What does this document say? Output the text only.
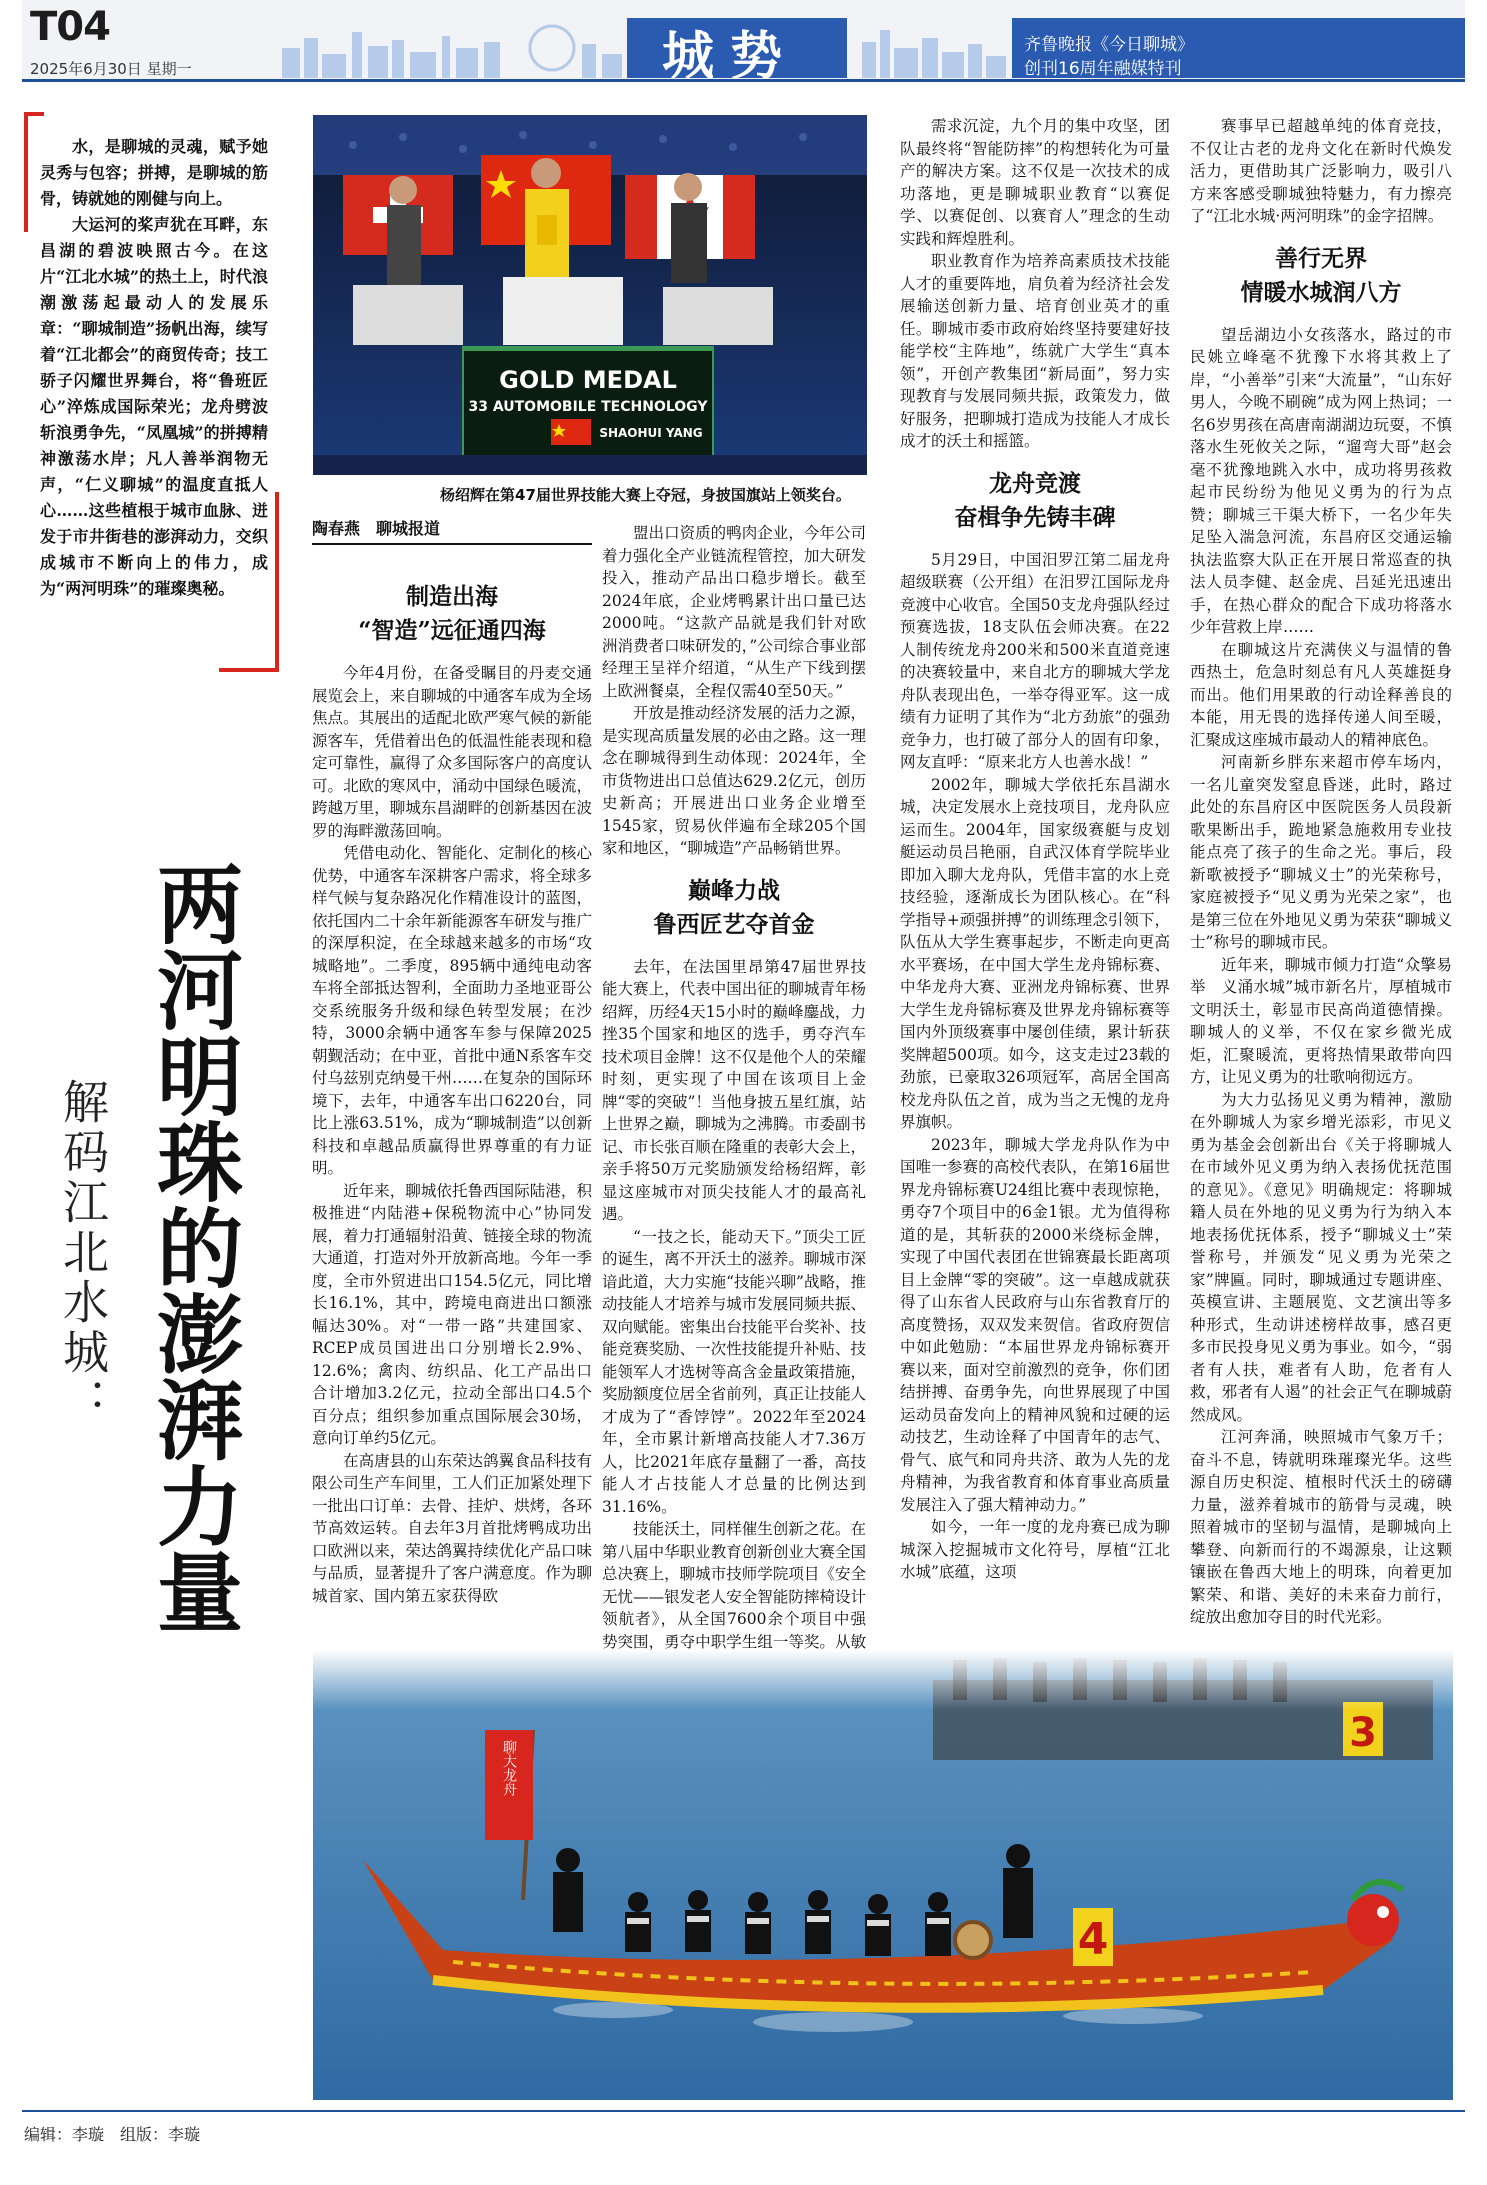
T04
2025年6月30日 星期一	城势	齐鲁晚报《今日聊城》
创刊16周年融媒特刊

水，是聊城的灵魂，赋予她灵秀与包容；拼搏，是聊城的筋骨，铸就她的刚健与向上。

大运河的桨声犹在耳畔，东昌湖的碧波映照古今。在这片“江北水城”的热土上，时代浪潮激荡起最动人的发展乐章：“聊城制造”扬帆出海，续写着“江北都会”的商贸传奇；技工骄子闪耀世界舞台，将“鲁班匠心”淬炼成国际荣光；龙舟劈波斩浪勇争先，“凤凰城”的拼搏精神激荡水岸；凡人善举润物无声，“仁义聊城”的温度直抵人心……这些植根于城市血脉、迸发于市井街巷的澎湃动力，交织成城市不断向上的伟力，成为“两河明珠”的璀璨奥秘。

两河明珠的澎湃力量
解码江北水城：
GOLD MEDAL
33 AUTOMOBILE TECHNOLOGY
SHAOHUI YANG
杨绍辉在第47届世界技能大赛上夺冠，身披国旗站上领奖台。
陶春燕　聊城报道
制造出海
“智造”远征通四海

今年4月份，在备受瞩目的丹麦交通展览会上，来自聊城的中通客车成为全场焦点。其展出的适配北欧严寒气候的新能源客车，凭借着出色的低温性能表现和稳定可靠性，赢得了众多国际客户的高度认可。北欧的寒风中，涌动中国绿色暖流，跨越万里，聊城东昌湖畔的创新基因在波罗的海畔激荡回响。

凭借电动化、智能化、定制化的核心优势，中通客车深耕客户需求，将全球多样气候与复杂路况化作精准设计的蓝图，依托国内二十余年新能源客车研发与推广的深厚积淀，在全球越来越多的市场“攻城略地”。二季度，895辆中通纯电动客车将全部抵达智利，全面助力圣地亚哥公交系统服务升级和绿色转型发展；在沙特，3000余辆中通客车参与保障2025朝觐活动；在中亚，首批中通N系客车交付乌兹别克纳曼干州……在复杂的国际环境下，去年，中通客车出口6220台，同比上涨63.51%，成为“聊城制造”以创新科技和卓越品质赢得世界尊重的有力证明。

近年来，聊城依托鲁西国际陆港，积极推进“内陆港+保税物流中心”协同发展，着力打通辐射沿黄、链接全球的物流大通道，打造对外开放新高地。今年一季度，全市外贸进出口154.5亿元，同比增长16.1%，其中，跨境电商进出口额涨幅达30%。对“一带一路”共建国家、RCEP成员国进出口分别增长2.9%、12.6%；禽肉、纺织品、化工产品出口合计增加3.2亿元，拉动全部出口4.5个百分点；组织参加重点国际展会30场，意向订单约5亿元。

在高唐县的山东荣达鸽翼食品科技有限公司生产车间里，工人们正加紧处理下一批出口订单：去骨、挂炉、烘烤，各环节高效运转。自去年3月首批烤鸭成功出口欧洲以来，荣达鸽翼持续优化产品口味与品质，显著提升了客户满意度。作为聊城首家、国内第五家获得欧

盟出口资质的鸭肉企业，今年公司着力强化全产业链流程管控，加大研发投入，推动产品出口稳步增长。截至2024年底，企业烤鸭累计出口量已达2000吨。“这款产品就是我们针对欧洲消费者口味研发的，”公司综合事业部经理王呈祥介绍道，“从生产下线到摆上欧洲餐桌，全程仅需40至50天。”

开放是推动经济发展的活力之源，是实现高质量发展的必由之路。这一理念在聊城得到生动体现：2024年，全市货物进出口总值达629.2亿元，创历史新高；开展进出口业务企业增至1545家，贸易伙伴遍布全球205个国家和地区，“聊城造”产品畅销世界。

巅峰力战
鲁西匠艺夺首金

去年，在法国里昂第47届世界技能大赛上，代表中国出征的聊城青年杨绍辉，历经4天15小时的巅峰鏖战，力挫35个国家和地区的选手，勇夺汽车技术项目金牌！这不仅是他个人的荣耀时刻，更实现了中国在该项目上金牌“零的突破”！当他身披五星红旗，站上世界之巅，聊城为之沸腾。市委副书记、市长张百顺在隆重的表彰大会上，亲手将50万元奖励颁发给杨绍辉，彰显这座城市对顶尖技能人才的最高礼遇。

“一技之长，能动天下。”顶尖工匠的诞生，离不开沃土的滋养。聊城市深谙此道，大力实施“技能兴聊”战略，推动技能人才培养与城市发展同频共振、双向赋能。密集出台技能平台奖补、技能竞赛奖励、一次性技能提升补贴、技能领军人才选树等高含金量政策措施，奖励额度位居全省前列，真正让技能人才成为了“香饽饽”。2022年至2024年，全市累计新增高技能人才7.36万人，比2021年底存量翻了一番，高技能人才占技能人才总量的比例达到31.16%。

技能沃土，同样催生创新之花。在第八届中华职业教育创新创业大赛全国总决赛上，聊城市技师学院项目《安全无忧——银发老人安全智能防摔椅设计领航者》，从全国7600余个项目中强势突围，勇夺中职学生组一等奖。从敏

需求沉淀，九个月的集中攻坚，团队最终将“智能防摔”的构想转化为可量产的解决方案。这不仅是一次技术的成功落地，更是聊城职业教育“以赛促学、以赛促创、以赛育人”理念的生动实践和辉煌胜利。

职业教育作为培养高素质技术技能人才的重要阵地，肩负着为经济社会发展输送创新力量、培育创业英才的重任。聊城市委市政府始终坚持要建好技能学校“主阵地”，练就广大学生“真本领”，开创产教集团“新局面”，努力实现教育与发展同频共振，政策发力，做好服务，把聊城打造成为技能人才成长成才的沃土和摇篮。

龙舟竞渡
奋楫争先铸丰碑

5月29日，中国汨罗江第二届龙舟超级联赛（公开组）在汨罗江国际龙舟竞渡中心收官。全国50支龙舟强队经过预赛选拔，18支队伍会师决赛。在22人制传统龙舟200米和500米直道竞速的决赛较量中，来自北方的聊城大学龙舟队表现出色，一举夺得亚军。这一成绩有力证明了其作为“北方劲旅”的强劲竞争力，也打破了部分人的固有印象，网友直呼：“原来北方人也善水战！”

2002年，聊城大学依托东昌湖水城，决定发展水上竞技项目，龙舟队应运而生。2004年，国家级赛艇与皮划艇运动员吕艳丽，自武汉体育学院毕业即加入聊大龙舟队，凭借丰富的水上竞技经验，逐渐成长为团队核心。在“科学指导+顽强拼搏”的训练理念引领下，队伍从大学生赛事起步，不断走向更高水平赛场，在中国大学生龙舟锦标赛、中华龙舟大赛、亚洲龙舟锦标赛、世界大学生龙舟锦标赛及世界龙舟锦标赛等国内外顶级赛事中屡创佳绩，累计斩获奖牌超500项。如今，这支走过23载的劲旅，已豪取326项冠军，高居全国高校龙舟队伍之首，成为当之无愧的龙舟界旗帜。

2023年，聊城大学龙舟队作为中国唯一参赛的高校代表队，在第16届世界龙舟锦标赛U24组比赛中表现惊艳，勇夺7个项目中的6金1银。尤为值得称道的是，其斩获的2000米绕标金牌，实现了中国代表团在世锦赛最长距离项目上金牌“零的突破”。这一卓越成就获得了山东省人民政府与山东省教育厅的高度赞扬，双双发来贺信。省政府贺信中如此勉励：“本届世界龙舟锦标赛开赛以来，面对空前激烈的竞争，你们团结拼搏、奋勇争先，向世界展现了中国运动员奋发向上的精神风貌和过硬的运动技艺，生动诠释了中国青年的志气、骨气、底气和同舟共济、敢为人先的龙舟精神，为我省教育和体育事业高质量发展注入了强大精神动力。”

如今，一年一度的龙舟赛已成为聊城深入挖掘城市文化符号，厚植“江北水城”底蕴，这项

赛事早已超越单纯的体育竞技，不仅让古老的龙舟文化在新时代焕发活力，更借助其广泛影响力，吸引八方来客感受聊城独特魅力，有力擦亮了“江北水城·两河明珠”的金字招牌。

善行无界
情暖水城润八方

望岳湖边小女孩落水，路过的市民姚立峰毫不犹豫下水将其救上了岸，“小善举”引来“大流量”，“山东好男人，今晚不刷碗”成为网上热词；一名6岁男孩在高唐南湖湖边玩耍，不慎落水生死攸关之际，“遛弯大哥”赵会毫不犹豫地跳入水中，成功将男孩救起市民纷纷为他见义勇为的行为点赞；聊城三干渠大桥下，一名少年失足坠入湍急河流，东昌府区交通运输执法监察大队正在开展日常巡查的执法人员李健、赵金虎、吕延光迅速出手，在热心群众的配合下成功将落水少年营救上岸……

在聊城这片充满侠义与温情的鲁西热土，危急时刻总有凡人英雄挺身而出。他们用果敢的行动诠释善良的本能，用无畏的选择传递人间至暖，汇聚成这座城市最动人的精神底色。

河南新乡胖东来超市停车场内，一名儿童突发窒息昏迷，此时，路过此处的东昌府区中医院医务人员段新歌果断出手，跪地紧急施救用专业技能点亮了孩子的生命之光。事后，段新歌被授予“聊城义士”的光荣称号，家庭被授予“见义勇为光荣之家”，也是第三位在外地见义勇为荣获“聊城义士”称号的聊城市民。

近年来，聊城市倾力打造“众擎易举　义涌水城”城市新名片，厚植城市文明沃土，彰显市民高尚道德情操。聊城人的义举，不仅在家乡微光成炬，汇聚暖流，更将热情果敢带向四方，让见义勇为的壮歌响彻远方。

为大力弘扬见义勇为精神，激励在外聊城人为家乡增光添彩，市见义勇为基金会创新出台《关于将聊城人在市域外见义勇为纳入表扬优抚范围的意见》。《意见》明确规定：将聊城籍人员在外地的见义勇为行为纳入本地表扬优抚体系，授予“聊城义士”荣誉称号，并颁发“见义勇为光荣之家”牌匾。同时，聊城通过专题讲座、英模宣讲、主题展览、文艺演出等多种形式，生动讲述榜样故事，感召更多市民投身见义勇为事业。如今，“弱者有人扶，难者有人助，危者有人救，邪者有人遏”的社会正气在聊城蔚然成风。

江河奔涌，映照城市气象万千；奋斗不息，铸就明珠璀璨光华。这些源自历史积淀、植根时代沃土的磅礴力量，滋养着城市的筋骨与灵魂，映照着城市的坚韧与温情，是聊城向上攀登、向新而行的不竭源泉，让这颗镶嵌在鲁西大地上的明珠，向着更加繁荣、和谐、美好的未来奋力前行，绽放出愈加夺目的时代光彩。

3
聊大龙舟
4
编辑：李璇　组版：李璇
